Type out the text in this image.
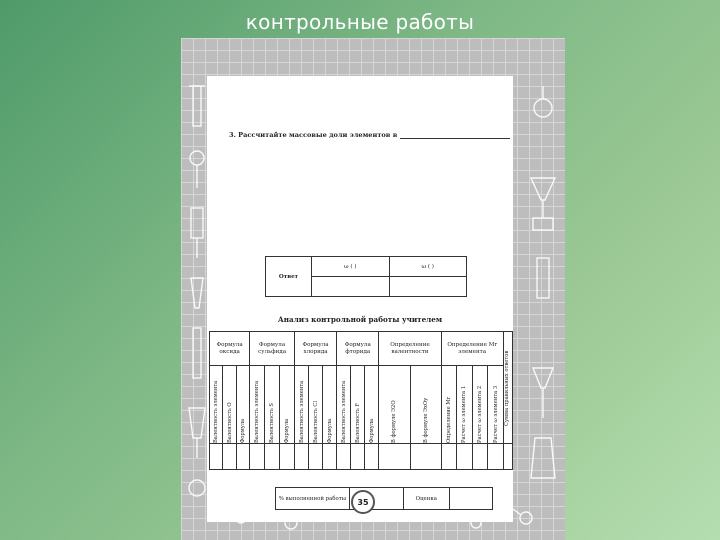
контрольные работы
3. Рассчитайте массовые доли элементов в
Ответ	ω ( )	ω ( )

Анализ контрольной работы учителем
Формула оксида			Формула сульфида			Формула хлорида			Формула фторида			Определение валентности		Определение Mr элемента				Сумма правильных ответов

Валентность элемента	Валентность O	Формула	Валентность элемента	Валентность S	Формула	Валентность элемента	Валентность Cl	Формула	Валентность элемента	Валентность F	Формула	В формуле Э2O	В формуле ЭxOy	Определение Mr	Расчет ω элемента 1	Расчет ω элемента 2	Расчет ω элемента 3	

% выполненной работы		Оценка	
35
